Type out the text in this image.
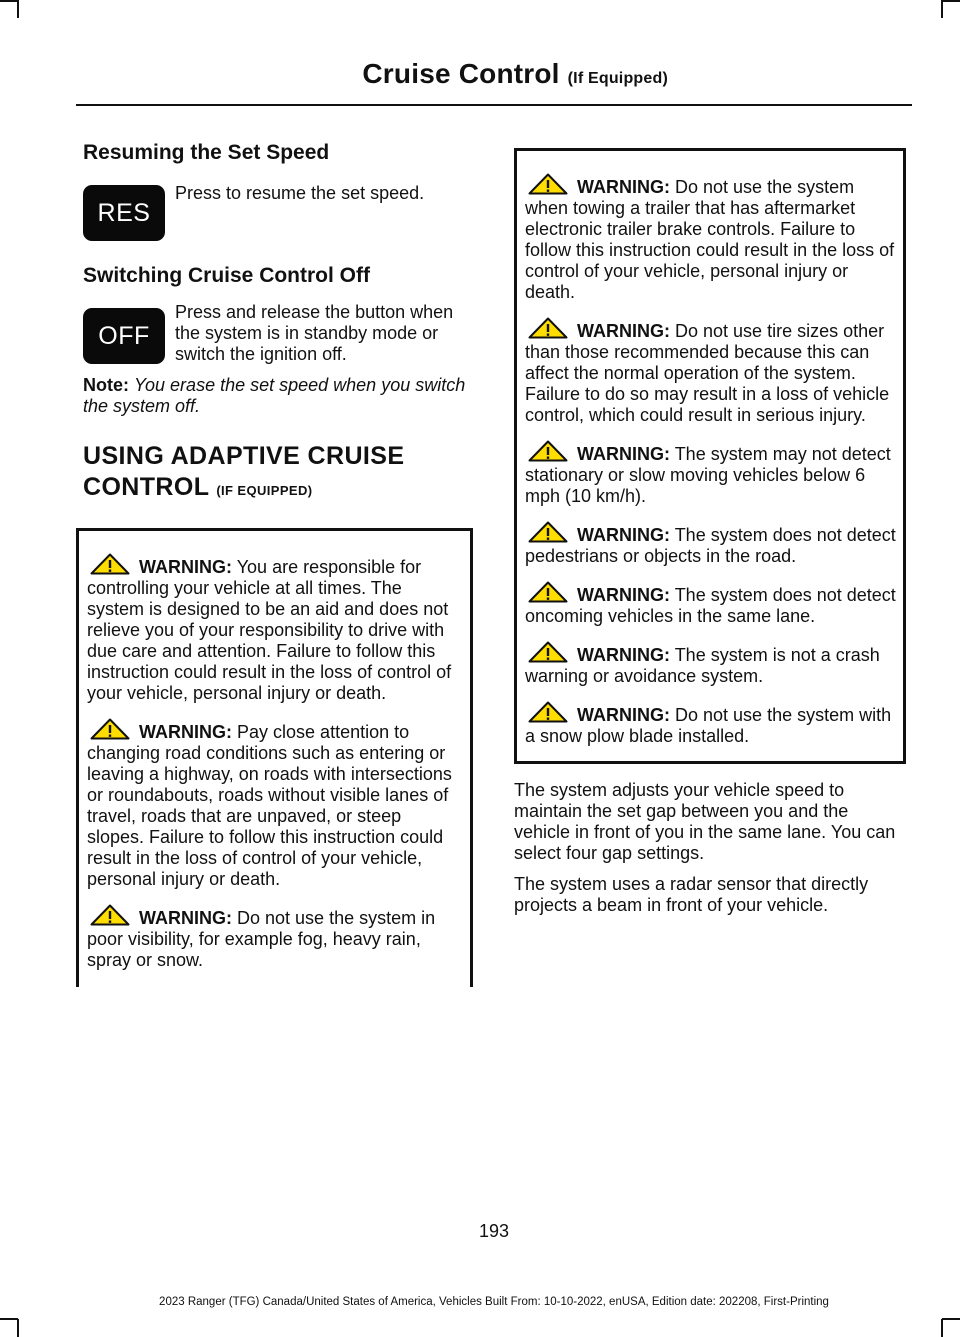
Cruise Control (If Equipped)
Resuming the Set Speed
RES
Press to resume the set speed.
Switching Cruise Control Off
OFF
Press and release the button when the system is in standby mode or switch the ignition off.

Note: You erase the set speed when you switch the system off.

USING ADAPTIVE CRUISE
CONTROL (IF EQUIPPED)

WARNING: You are responsible for controlling your vehicle at all times. The system is designed to be an aid and does not relieve you of your responsibility to drive with due care and attention. Failure to follow this instruction could result in the loss of control of your vehicle, personal injury or death.

WARNING: Pay close attention to changing road conditions such as entering or leaving a highway, on roads with intersections or roundabouts, roads without visible lanes of travel, roads that are unpaved, or steep slopes. Failure to follow this instruction could result in the loss of control of your vehicle, personal injury or death.

WARNING: Do not use the system in poor visibility, for example fog, heavy rain, spray or snow.

WARNING: Do not use the system when towing a trailer that has aftermarket electronic trailer brake controls. Failure to follow this instruction could result in the loss of control of your vehicle, personal injury or death.

WARNING: Do not use tire sizes other than those recommended because this can affect the normal operation of the system. Failure to do so may result in a loss of vehicle control, which could result in serious injury.

WARNING: The system may not detect stationary or slow moving vehicles below 6 mph (10 km/h).

WARNING: The system does not detect pedestrians or objects in the road.

WARNING: The system does not detect oncoming vehicles in the same lane.

WARNING: The system is not a crash warning or avoidance system.

WARNING: Do not use the system with a snow plow blade installed.

The system adjusts your vehicle speed to maintain the set gap between you and the vehicle in front of you in the same lane. You can select four gap settings.

The system uses a radar sensor that directly projects a beam in front of your vehicle.

193
2023 Ranger (TFG) Canada/United States of America, Vehicles Built From: 10-10-2022, enUSA, Edition date: 202208, First-Printing
